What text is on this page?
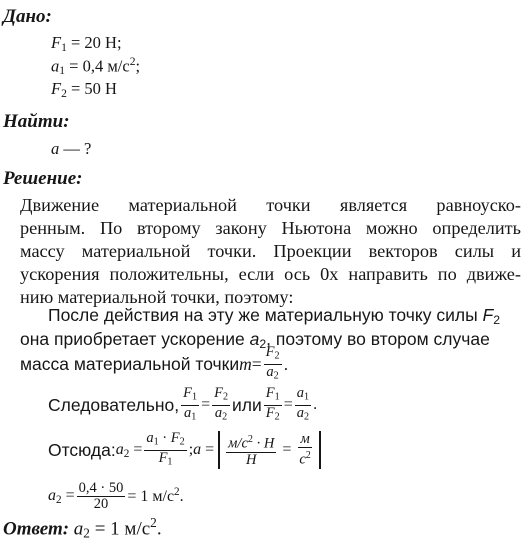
Дано:
$F_1 = 20$ Н;
$a_1 = 0,4$ $м/с^2$;
$F_2 = 50$ Н
Найти:
a — ?
Решение:
Движение материальной точки является равноуско-
ренным. По второму закону Ньютона можно определить
массу материальной точки. Проекции векторов силы и
ускорения положительны, если ось 0x направить по движе-
нию материальной точки, поэтому:
После действия на эту же материальную точку силы $F_2$
она приобретает ускорение $a_2$, поэтому во втором случае
масса материальной точки $m = \frac{F_2}{a_2}$ .
Следовательно, $\frac{F_1}{a_1} = \frac{F_2}{a_2}$ или $\frac{F_1}{F_2} = \frac{a_1}{a_2}$ .
Отсюда: $a_2 = \frac{a_1 \cdot F_2}{F_1}$ ; $a = \frac{м/с^2 \cdot Н}{Н} = \frac{м}{с^2}$
$a_2 = \frac{0,4 \cdot 50}{20} = 1$ $м/с^2$.
Ответ: $a_2 = 1$ $м/с^2$.
